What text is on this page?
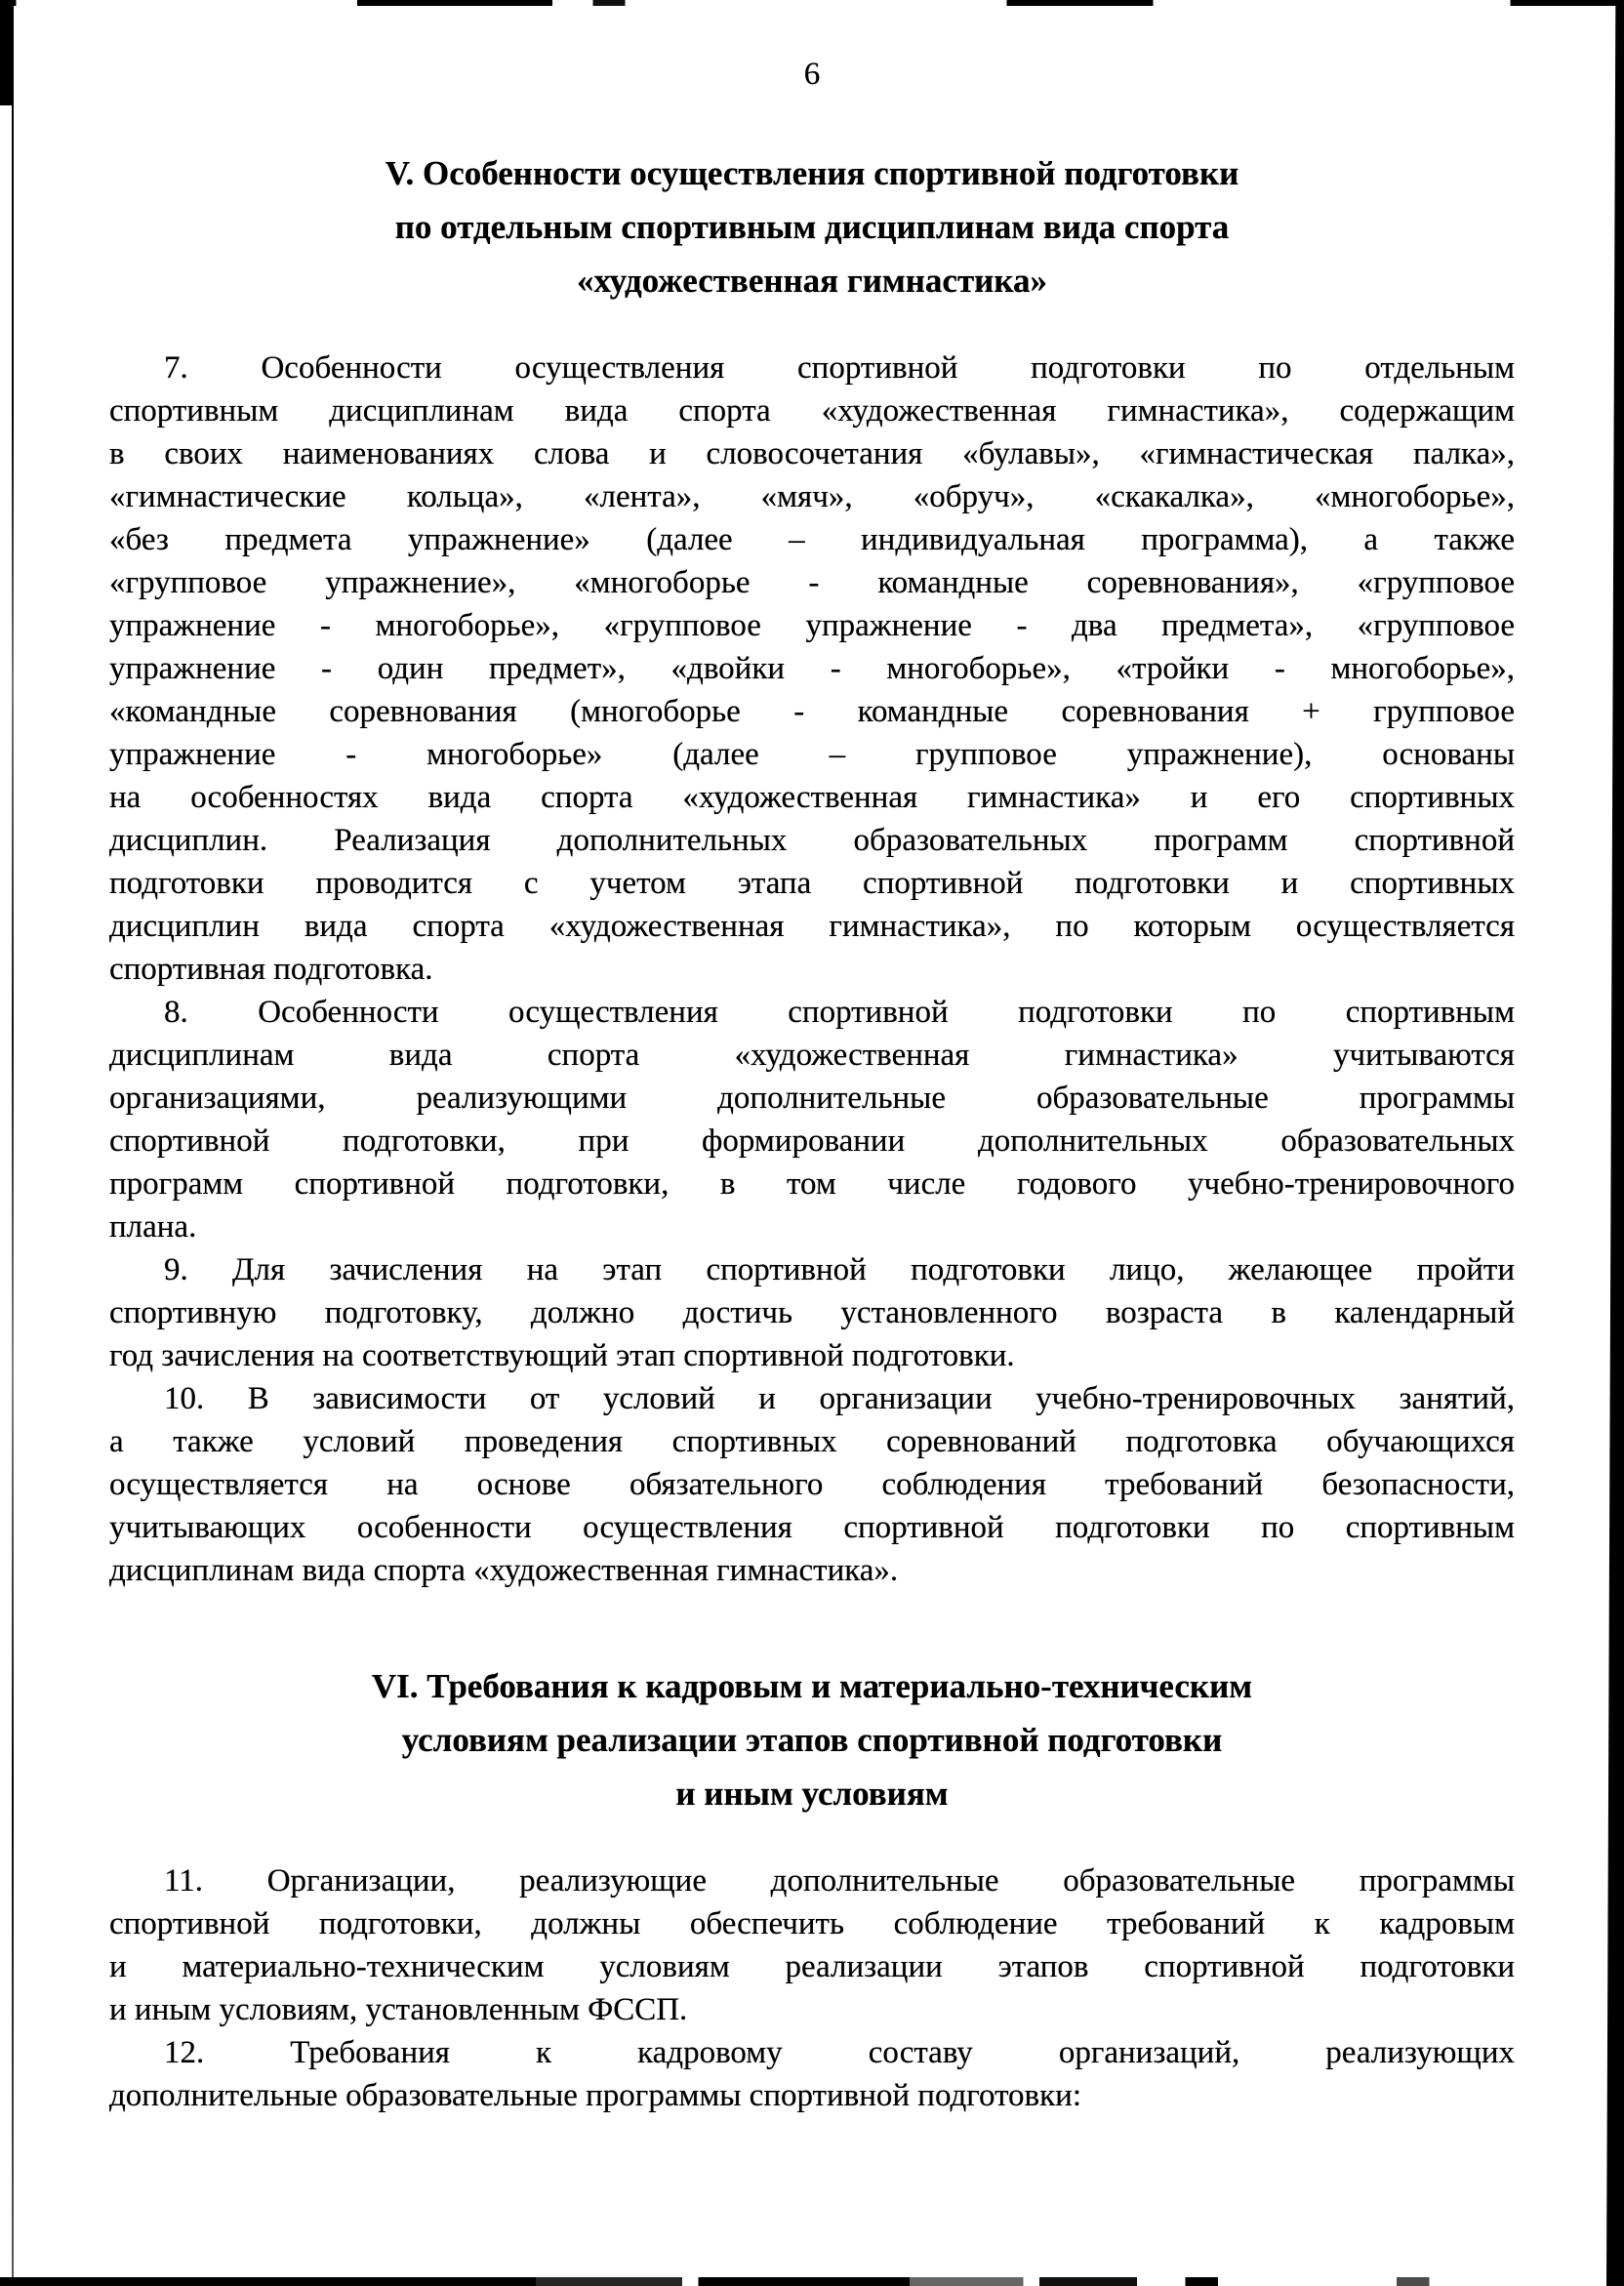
6
V. Особенности осуществления спортивной подготовки
по отдельным спортивным дисциплинам вида спорта
«художественная гимнастика»
7. Особенности осуществления спортивной подготовки по отдельным
спортивным дисциплинам вида спорта «художественная гимнастика», содержащим
в своих наименованиях слова и словосочетания «булавы», «гимнастическая палка»,
«гимнастические кольца», «лента», «мяч», «обруч», «скакалка», «многоборье»,
«без предмета упражнение» (далее – индивидуальная программа), а также
«групповое упражнение», «многоборье - командные соревнования», «групповое
упражнение - многоборье», «групповое упражнение - два предмета», «групповое
упражнение - один предмет», «двойки - многоборье», «тройки - многоборье»,
«командные соревнования (многоборье - командные соревнования + групповое
упражнение - многоборье» (далее – групповое упражнение), основаны
на особенностях вида спорта «художественная гимнастика» и его спортивных
дисциплин. Реализация дополнительных образовательных программ спортивной
подготовки проводится с учетом этапа спортивной подготовки и спортивных
дисциплин вида спорта «художественная гимнастика», по которым осуществляется
спортивная подготовка.
8. Особенности осуществления спортивной подготовки по спортивным
дисциплинам вида спорта «художественная гимнастика» учитываются
организациями, реализующими дополнительные образовательные программы
спортивной подготовки, при формировании дополнительных образовательных
программ спортивной подготовки, в том числе годового учебно-тренировочного
плана.
9. Для зачисления на этап спортивной подготовки лицо, желающее пройти
спортивную подготовку, должно достичь установленного возраста в календарный
год зачисления на соответствующий этап спортивной подготовки.
10. В зависимости от условий и организации учебно-тренировочных занятий,
а также условий проведения спортивных соревнований подготовка обучающихся
осуществляется на основе обязательного соблюдения требований безопасности,
учитывающих особенности осуществления спортивной подготовки по спортивным
дисциплинам вида спорта «художественная гимнастика».
VI. Требования к кадровым и материально-техническим
условиям реализации этапов спортивной подготовки
и иным условиям
11. Организации, реализующие дополнительные образовательные программы
спортивной подготовки, должны обеспечить соблюдение требований к кадровым
и материально-техническим условиям реализации этапов спортивной подготовки
и иным условиям, установленным ФССП.
12. Требования к кадровому составу организаций, реализующих
дополнительные образовательные программы спортивной подготовки:
